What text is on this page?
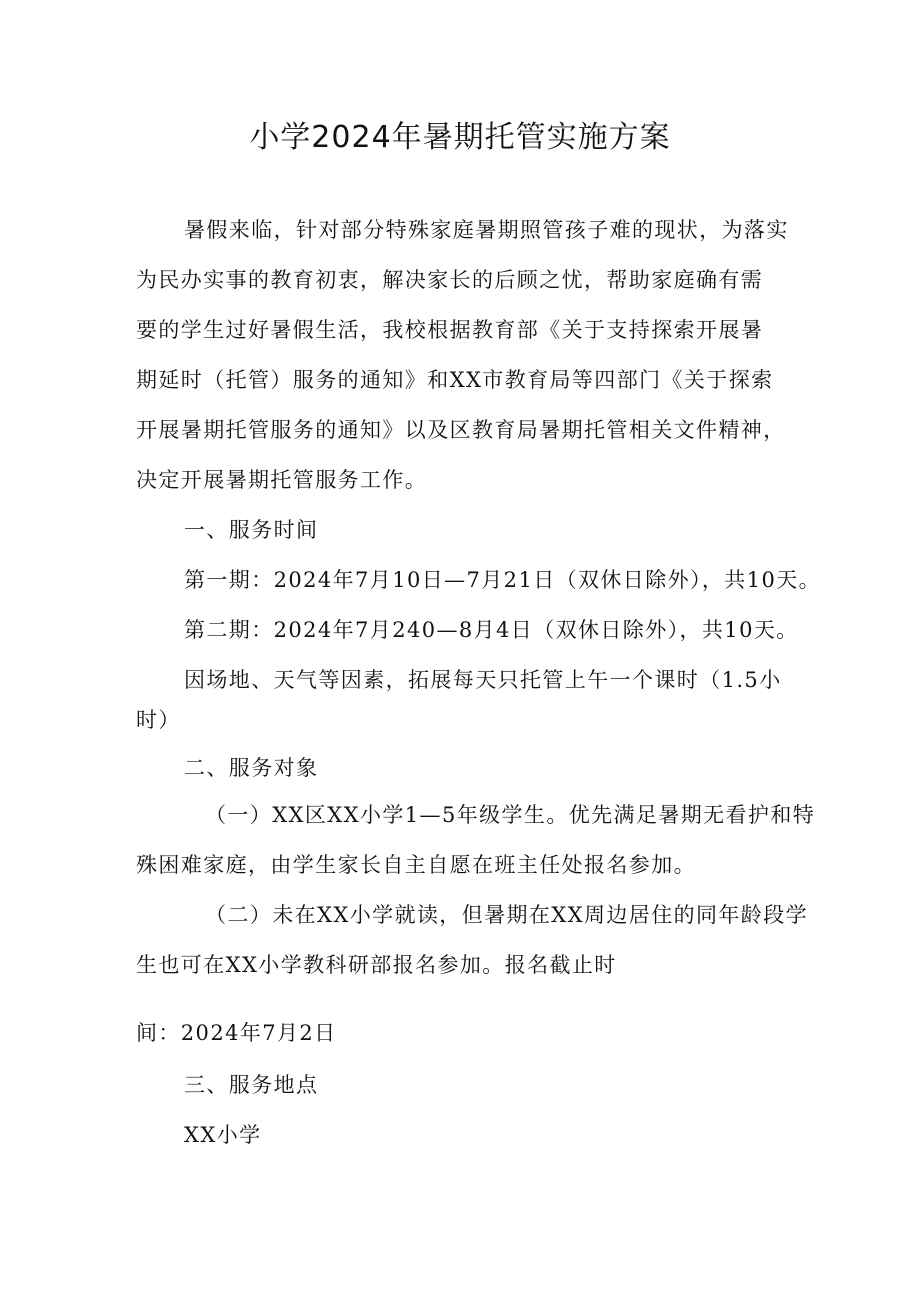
小学2024年暑期托管实施方案
暑假来临，针对部分特殊家庭暑期照管孩子难的现状，为落实
为民办实事的教育初衷，解决家长的后顾之忧，帮助家庭确有需
要的学生过好暑假生活，我校根据教育部《关于支持探索开展暑
期延时（托管）服务的通知》和XX市教育局等四部门《关于探索
开展暑期托管服务的通知》以及区教育局暑期托管相关文件精神，
决定开展暑期托管服务工作。
一、服务时间
第一期：2024年7月10日—7月21日（双休日除外），共10天。
第二期：2024年7月240—8月4日（双休日除外），共10天。
因场地、天气等因素，拓展每天只托管上午一个课时（1.5小
时）
二、服务对象
（一）XX区XX小学1—5年级学生。优先满足暑期无看护和特
殊困难家庭，由学生家长自主自愿在班主任处报名参加。
（二）未在XX小学就读，但暑期在XX周边居住的同年龄段学
生也可在XX小学教科研部报名参加。报名截止时
间：2024年7月2日
三、服务地点
XX小学
